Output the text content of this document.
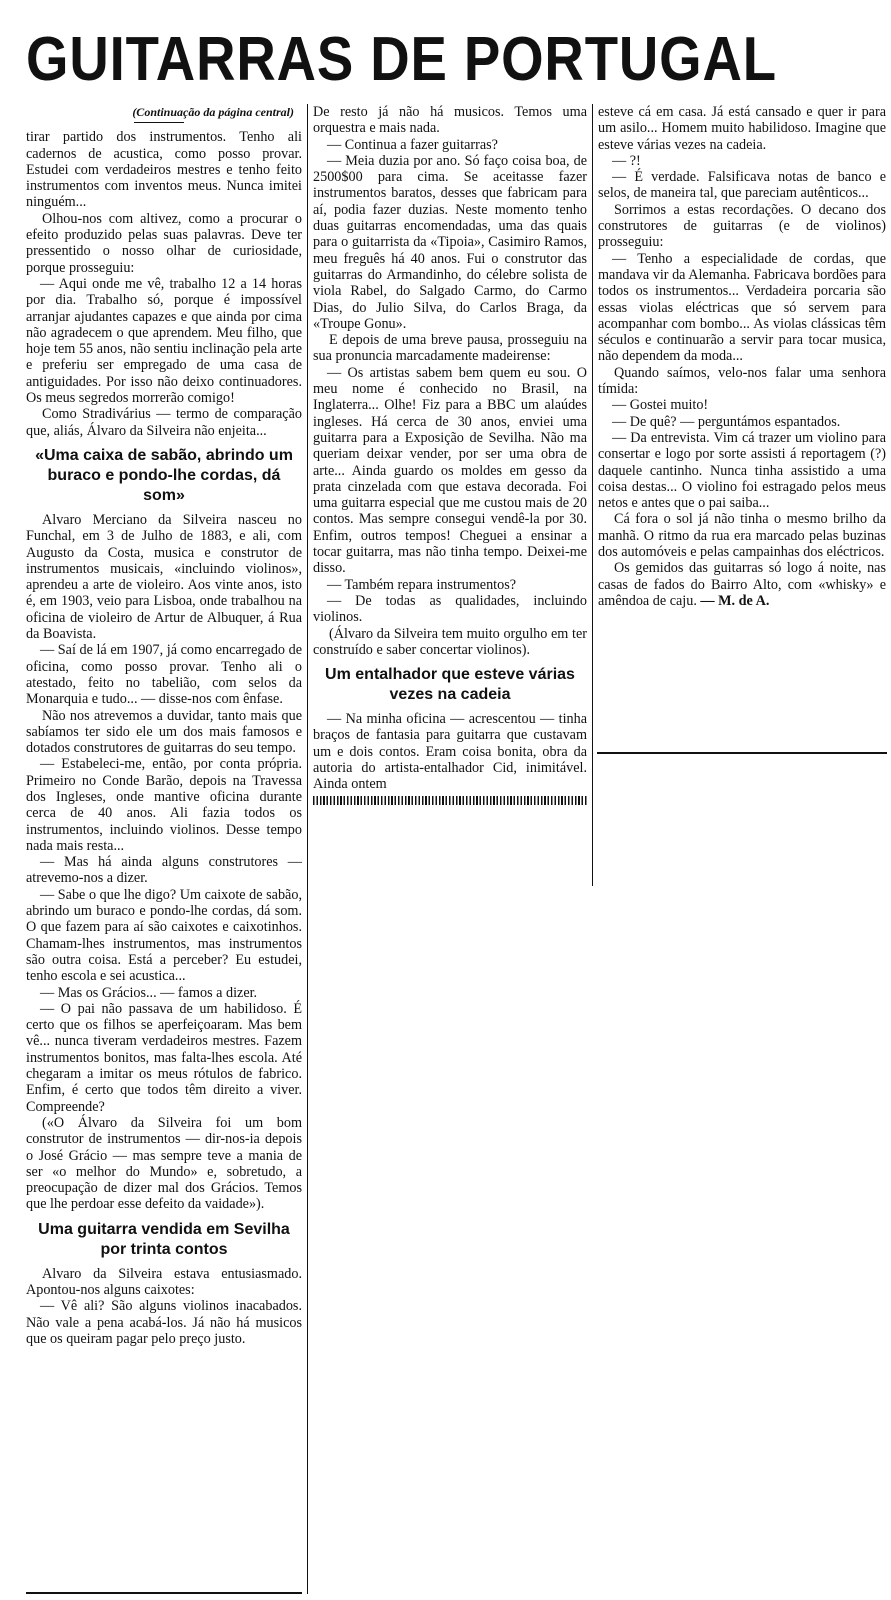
GUITARRAS DE PORTUGAL

(Continuação da página central)

tirar partido dos instrumentos. Tenho ali cadernos de acustica, como posso provar. Estudei com verdadeiros mestres e tenho feito instrumentos com inventos meus. Nunca imitei ninguém...

Olhou-nos com altivez, como a procurar o efeito produzido pelas suas palavras. Deve ter pressentido o nosso olhar de curiosidade, porque prosseguiu:

— Aqui onde me vê, trabalho 12 a 14 horas por dia. Trabalho só, porque é impossível arranjar ajudantes capazes e que ainda por cima não agradecem o que aprendem. Meu filho, que hoje tem 55 anos, não sentiu inclinação pela arte e preferiu ser empregado de uma casa de antiguidades. Por isso não deixo continuadores. Os meus segredos morrerão comigo!

Como Stradivárius — termo de comparação que, aliás, Álvaro da Silveira não enjeita...

«Uma caixa de sabão, abrindo um buraco e pondo-lhe cordas, dá som»

Alvaro Merciano da Silveira nasceu no Funchal, em 3 de Julho de 1883, e ali, com Augusto da Costa, musica e construtor de instrumentos musicais, «incluindo violinos», aprendeu a arte de violeiro. Aos vinte anos, isto é, em 1903, veio para Lisboa, onde trabalhou na oficina de violeiro de Artur de Albuquer, á Rua da Boavista.

— Saí de lá em 1907, já como encarregado de oficina, como posso provar. Tenho ali o atestado, feito no tabelião, com selos da Monarquia e tudo... — disse-nos com ênfase.

Não nos atrevemos a duvidar, tanto mais que sabíamos ter sido ele um dos mais famosos e dotados construtores de guitarras do seu tempo.

— Estabeleci-me, então, por conta própria. Primeiro no Conde Barão, depois na Travessa dos Ingleses, onde mantive oficina durante cerca de 40 anos. Ali fazia todos os instrumentos, incluindo violinos. Desse tempo nada mais resta...

— Mas há ainda alguns construtores — atrevemo-nos a dizer.

— Sabe o que lhe digo? Um caixote de sabão, abrindo um buraco e pondo-lhe cordas, dá som. O que fazem para aí são caixotes e caixotinhos. Chamam-lhes instrumentos, mas instrumentos são outra coisa. Está a perceber? Eu estudei, tenho escola e sei acustica...

— Mas os Grácios... — famos a dizer.

— O pai não passava de um habilidoso. É certo que os filhos se aperfeiçoaram. Mas bem vê... nunca tiveram verdadeiros mestres. Fazem instrumentos bonitos, mas falta-lhes escola. Até chegaram a imitar os meus rótulos de fabrico. Enfim, é certo que todos têm direito a viver. Compreende?

(«O Álvaro da Silveira foi um bom construtor de instrumentos — dir-nos-ia depois o José Grácio — mas sempre teve a mania de ser «o melhor do Mundo» e, sobretudo, a preocupação de dizer mal dos Grácios. Temos que lhe perdoar esse defeito da vaidade»).

Uma guitarra vendida em Sevilha por trinta contos

Alvaro da Silveira estava entusiasmado. Apontou-nos alguns caixotes:

— Vê ali? São alguns violinos inacabados. Não vale a pena acabá-los. Já não há musicos que os queiram pagar pelo preço justo.

De resto já não há musicos. Temos uma orquestra e mais nada.

— Continua a fazer guitarras?

— Meia duzia por ano. Só faço coisa boa, de 2500$00 para cima. Se aceitasse fazer instrumentos baratos, desses que fabricam para aí, podia fazer duzias. Neste momento tenho duas guitarras encomendadas, uma das quais para o guitarrista da «Tipoia», Casimiro Ramos, meu freguês há 40 anos. Fui o construtor das guitarras do Armandinho, do célebre solista de viola Rabel, do Salgado Carmo, do Carmo Dias, do Julio Silva, do Carlos Braga, da «Troupe Gonu».

E depois de uma breve pausa, prosseguiu na sua pronuncia marcadamente madeirense:

— Os artistas sabem bem quem eu sou. O meu nome é conhecido no Brasil, na Inglaterra... Olhe! Fiz para a BBC um alaúdes ingleses. Há cerca de 30 anos, enviei uma guitarra para a Exposição de Sevilha. Não ma queriam deixar vender, por ser uma obra de arte... Ainda guardo os moldes em gesso da prata cinzelada com que estava decorada. Foi uma guitarra especial que me custou mais de 20 contos. Mas sempre consegui vendê-la por 30. Enfim, outros tempos! Cheguei a ensinar a tocar guitarra, mas não tinha tempo. Deixei-me disso.

— Também repara instrumentos?

— De todas as qualidades, incluindo violinos.

(Álvaro da Silveira tem muito orgulho em ter construído e saber concertar violinos).

Um entalhador que esteve várias vezes na cadeia

— Na minha oficina — acrescentou — tinha braços de fantasia para guitarra que custavam um e dois contos. Eram coisa bonita, obra da autoria do artista-entalhador Cid, inimitável. Ainda ontem

esteve cá em casa. Já está cansado e quer ir para um asilo... Homem muito habilidoso. Imagine que esteve várias vezes na cadeia.

— ?!

— É verdade. Falsificava notas de banco e selos, de maneira tal, que pareciam autênticos...

Sorrimos a estas recordações. O decano dos construtores de guitarras (e de violinos) prosseguiu:

— Tenho a especialidade de cordas, que mandava vir da Alemanha. Fabricava bordões para todos os instrumentos... Verdadeira porcaria são essas violas eléctricas que só servem para acompanhar com bombo... As violas clássicas têm séculos e continuarão a servir para tocar musica, não dependem da moda...

Quando saímos, velo-nos falar uma senhora tímida:

— Gostei muito!

— De quê? — perguntámos espantados.

— Da entrevista. Vim cá trazer um violino para consertar e logo por sorte assisti á reportagem (?) daquele cantinho. Nunca tinha assistido a uma coisa destas... O violino foi estragado pelos meus netos e antes que o pai saiba...

Cá fora o sol já não tinha o mesmo brilho da manhã. O ritmo da rua era marcado pelas buzinas dos automóveis e pelas campainhas dos eléctricos.

Os gemidos das guitarras só logo á noite, nas casas de fados do Bairro Alto, com «whisky» e amêndoa de caju. — M. de A.
